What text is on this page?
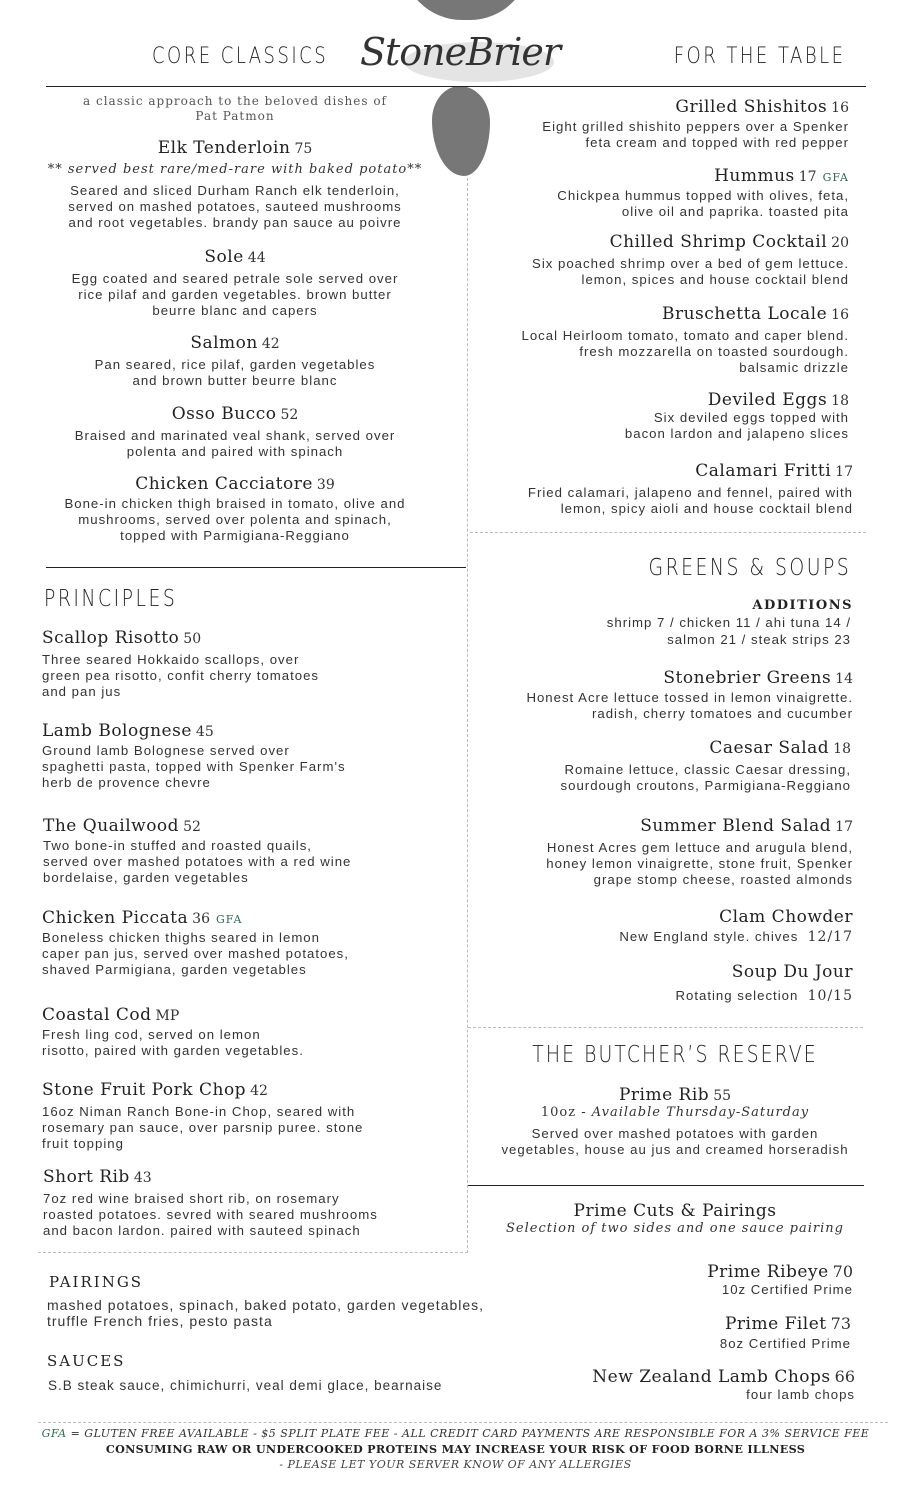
CORE CLASSICS StoneBrier	FOR THE TABLE
a classic approach to the beloved dishes of
Pat Patmon
Elk Tenderloin 75
** served best rare/med-rare with baked potato**
Seared and sliced Durham Ranch elk tenderloin,
served on mashed potatoes, sauteed mushrooms
and root vegetables. brandy pan sauce au poivre
Sole 44
Egg coated and seared petrale sole served over
rice pilaf and garden vegetables. brown butter
beurre blanc and capers
Salmon 42
Pan seared, rice pilaf, garden vegetables
and brown butter beurre blanc
Osso Bucco 52
Braised and marinated veal shank, served over
polenta and paired with spinach
Chicken Cacciatore 39
Bone-in chicken thigh braised in tomato, olive and
mushrooms, served over polenta and spinach,
topped with Parmigiana-Reggiano
PRINCIPLES
Scallop Risotto 50
Three seared Hokkaido scallops, over
green pea risotto, confit cherry tomatoes
and pan jus
Lamb Bolognese 45
Ground lamb Bolognese served over
spaghetti pasta, topped with Spenker Farm's
herb de provence chevre
The Quailwood 52
Two bone-in stuffed and roasted quails,
served over mashed potatoes with a red wine
bordelaise, garden vegetables
Chicken Piccata 36 GFA
Boneless chicken thighs seared in lemon
caper pan jus, served over mashed potatoes,
shaved Parmigiana, garden vegetables
Coastal Cod MP
Fresh ling cod, served on lemon
risotto, paired with garden vegetables.
Stone Fruit Pork Chop 42
16oz Niman Ranch Bone-in Chop, seared with
rosemary pan sauce, over parsnip puree. stone
fruit topping
Short Rib 43
7oz red wine braised short rib, on rosemary
roasted potatoes. sevred with seared mushrooms
and bacon lardon. paired with sauteed spinach
PAIRINGS
mashed potatoes, spinach, baked potato, garden vegetables,
truffle French fries, pesto pasta
SAUCES
S.B steak sauce, chimichurri, veal demi glace, bearnaise
Grilled Shishitos 16
Eight grilled shishito peppers over a Spenker
feta cream and topped with red pepper
Hummus 17 GFA
Chickpea hummus topped with olives, feta,
olive oil and paprika. toasted pita
Chilled Shrimp Cocktail 20
Six poached shrimp over a bed of gem lettuce.
lemon, spices and house cocktail blend
Bruschetta Locale 16
Local Heirloom tomato, tomato and caper blend.
fresh mozzarella on toasted sourdough.
balsamic drizzle
Deviled Eggs 18
Six deviled eggs topped with
bacon lardon and jalapeno slices
Calamari Fritti 17
Fried calamari, jalapeno and fennel, paired with
lemon, spicy aioli and house cocktail blend
GREENS & SOUPS
ADDITIONS
shrimp 7 / chicken 11 / ahi tuna 14 /
salmon 21 / steak strips 23
Stonebrier Greens 14
Honest Acre lettuce tossed in lemon vinaigrette.
radish, cherry tomatoes and cucumber
Caesar Salad 18
Romaine lettuce, classic Caesar dressing,
sourdough croutons, Parmigiana-Reggiano
Summer Blend Salad 17
Honest Acres gem lettuce and arugula blend,
honey lemon vinaigrette, stone fruit, Spenker
grape stomp cheese, roasted almonds
Clam Chowder
New England style. chives 12/17
Soup Du Jour
Rotating selection 10/15
THE BUTCHER’S RESERVE
Prime Rib 55
10oz - Available Thursday-Saturday
Served over mashed potatoes with garden
vegetables, house au jus and creamed horseradish
Prime Cuts & Pairings
Selection of two sides and one sauce pairing
Prime Ribeye 70
10z Certified Prime
Prime Filet 73
8oz Certified Prime
New Zealand Lamb Chops 66
four lamb chops
GFA = GLUTEN FREE AVAILABLE - $5 SPLIT PLATE FEE - ALL CREDIT CARD PAYMENTS ARE RESPONSIBLE FOR A 3% SERVICE FEE
CONSUMING RAW OR UNDERCOOKED PROTEINS MAY INCREASE YOUR RISK OF FOOD BORNE ILLNESS
- PLEASE LET YOUR SERVER KNOW OF ANY ALLERGIES
